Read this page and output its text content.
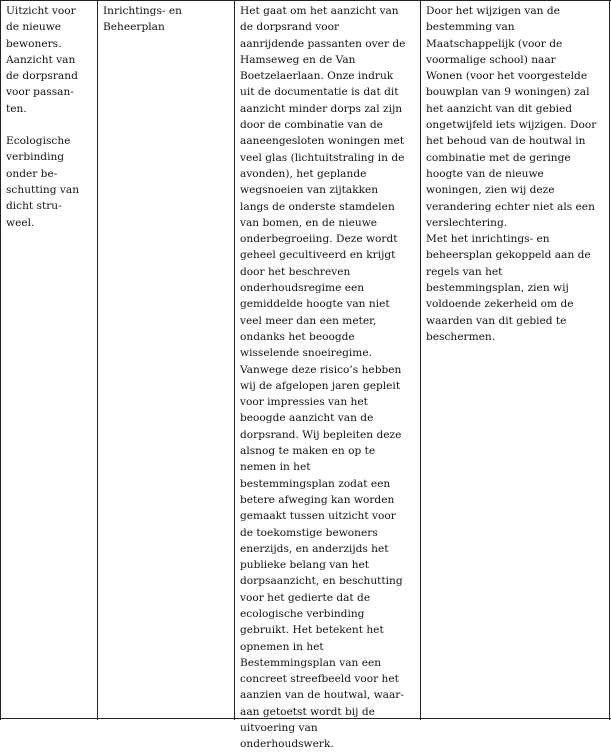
Uitzicht voor
de nieuwe
bewoners.
Aanzicht van
de dorpsrand
voor passan-
ten.
Ecologische
verbinding
onder be-
schutting van
dicht stru-
weel.
Inrichtings- en
Beheerplan
Het gaat om het aanzicht van
de dorpsrand voor
aanrijdende passanten over de
Hamseweg en de Van
Boetzelaerlaan. Onze indruk
uit de documentatie is dat dit
aanzicht minder dorps zal zijn
door de combinatie van de
aaneengesloten woningen met
veel glas (lichtuitstraling in de
avonden), het geplande
wegsnoeien van zijtakken
langs de onderste stamdelen
van bomen, en de nieuwe
onderbegroeiing. Deze wordt
geheel gecultiveerd en krijgt
door het beschreven
onderhoudsregime een
gemiddelde hoogte van niet
veel meer dan een meter,
ondanks het beoogde
wisselende snoeiregime.
Vanwege deze risico’s hebben
wij de afgelopen jaren gepleit
voor impressies van het
beoogde aanzicht van de
dorpsrand. Wij bepleiten deze
alsnog te maken en op te
nemen in het
bestemmingsplan zodat een
betere afweging kan worden
gemaakt tussen uitzicht voor
de toekomstige bewoners
enerzijds, en anderzijds het
publieke belang van het
dorpsaanzicht, en beschutting
voor het gedierte dat de
ecologische verbinding
gebruikt. Het betekent het
opnemen in het
Bestemmingsplan van een
concreet streefbeeld voor het
aanzien van de houtwal, waar-
aan getoetst wordt bij de
uitvoering van
onderhoudswerk.
Door het wijzigen van de
bestemming van
Maatschappelijk (voor de
voormalige school) naar
Wonen (voor het voorgestelde
bouwplan van 9 woningen) zal
het aanzicht van dit gebied
ongetwijfeld iets wijzigen. Door
het behoud van de houtwal in
combinatie met de geringe
hoogte van de nieuwe
woningen, zien wij deze
verandering echter niet als een
verslechtering.
Met het inrichtings- en
beheersplan gekoppeld aan de
regels van het
bestemmingsplan, zien wij
voldoende zekerheid om de
waarden van dit gebied te
beschermen.
